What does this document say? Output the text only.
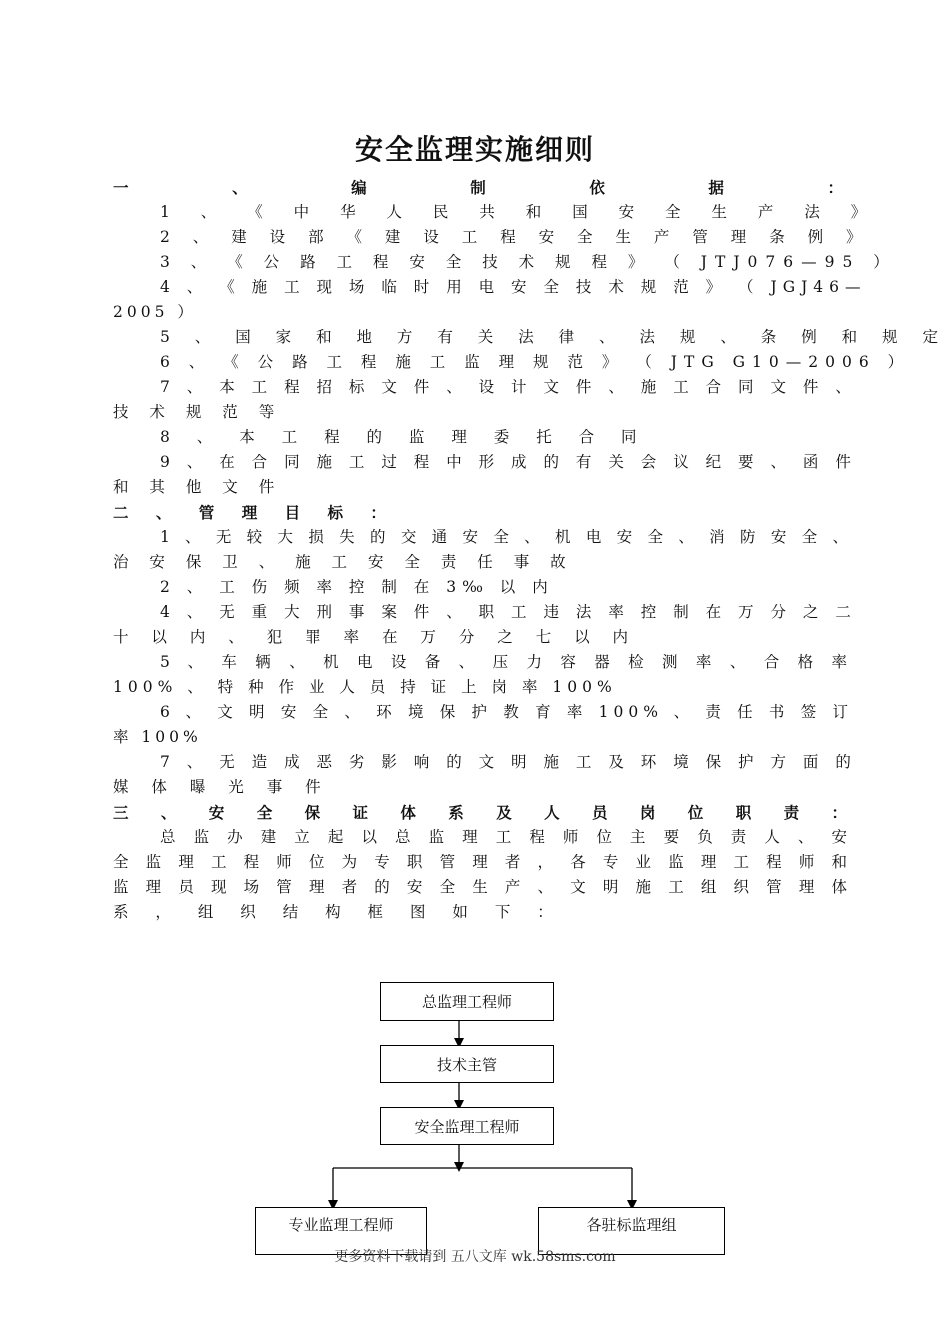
安全监理实施细则
一 、 编 制 依 据 ：
1 、 《 中 华 人 民 共 和 国 安 全 生 产 法 》
2 、 建 设 部 《 建 设 工 程 安 全 生 产 管 理 条 例 》
3 、 《 公 路 工 程 安 全 技 术 规 程 》 （ JTJ076—95 ）
4 、 《 施 工 现 场 临 时 用 电 安 全 技 术 规 范 》 （ JGJ46—
2005 ）
5 、 国 家 和 地 方 有 关 法 律 、 法 规 、 条 例 和 规 定
6 、 《 公 路 工 程 施 工 监 理 规 范 》 （ JTG G10—2006 ）
7 、 本 工 程 招 标 文 件 、 设 计 文 件 、 施 工 合 同 文 件 、
技 术 规 范 等
8 、 本 工 程 的 监 理 委 托 合 同
9 、 在 合 同 施 工 过 程 中 形 成 的 有 关 会 议 纪 要 、 函 件
和 其 他 文 件
二 、 管 理 目 标 ：
1 、 无 较 大 损 失 的 交 通 安 全 、 机 电 安 全 、 消 防 安 全 、
治 安 保 卫 、 施 工 安 全 责 任 事 故
2 、 工 伤 频 率 控 制 在 3‰ 以 内
4 、 无 重 大 刑 事 案 件 、 职 工 违 法 率 控 制 在 万 分 之 二
十 以 内 、 犯 罪 率 在 万 分 之 七 以 内
5 、 车 辆 、 机 电 设 备 、 压 力 容 器 检 测 率 、 合 格 率
100% 、 特 种 作 业 人 员 持 证 上 岗 率 100%
6 、 文 明 安 全 、 环 境 保 护 教 育 率 100% 、 责 任 书 签 订
率 100%
7 、 无 造 成 恶 劣 影 响 的 文 明 施 工 及 环 境 保 护 方 面 的
媒 体 曝 光 事 件
三 、 安 全 保 证 体 系 及 人 员 岗 位 职 责 ：
总 监 办 建 立 起 以 总 监 理 工 程 师 位 主 要 负 责 人 、 安
全 监 理 工 程 师 位 为 专 职 管 理 者 ， 各 专 业 监 理 工 程 师 和
监 理 员 现 场 管 理 者 的 安 全 生 产 、 文 明 施 工 组 织 管 理 体
系 ， 组 织 结 构 框 图 如 下 ：
总监理工程师
技术主管
安全监理工程师
专业监理工程师	各驻标监理组
更多资料下载请到 五八文库 wk.58sms.com
